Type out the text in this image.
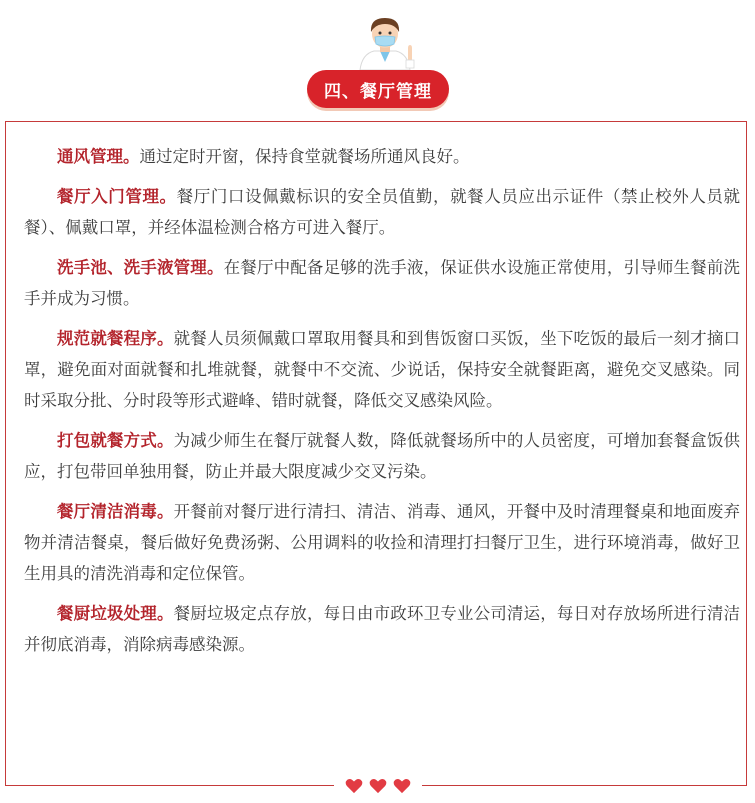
四、餐厅管理

通风管理。通过定时开窗，保持食堂就餐场所通风良好。

餐厅入门管理。餐厅门口设佩戴标识的安全员值勤，就餐人员应出示证件（禁止校外人员就餐）、佩戴口罩，并经体温检测合格方可进入餐厅。

洗手池、洗手液管理。在餐厅中配备足够的洗手液，保证供水设施正常使用，引导师生餐前洗手并成为习惯。

规范就餐程序。就餐人员须佩戴口罩取用餐具和到售饭窗口买饭，坐下吃饭的最后一刻才摘口罩，避免面对面就餐和扎堆就餐，就餐中不交流、少说话，保持安全就餐距离，避免交叉感染。同时采取分批、分时段等形式避峰、错时就餐，降低交叉感染风险。

打包就餐方式。为减少师生在餐厅就餐人数，降低就餐场所中的人员密度，可增加套餐盒饭供应，打包带回单独用餐，防止并最大限度减少交叉污染。

餐厅清洁消毒。开餐前对餐厅进行清扫、清洁、消毒、通风，开餐中及时清理餐桌和地面废弃物并清洁餐桌，餐后做好免费汤粥、公用调料的收捡和清理打扫餐厅卫生，进行环境消毒，做好卫生用具的清洗消毒和定位保管。

餐厨垃圾处理。餐厨垃圾定点存放，每日由市政环卫专业公司清运，每日对存放场所进行清洁并彻底消毒，消除病毒感染源。
